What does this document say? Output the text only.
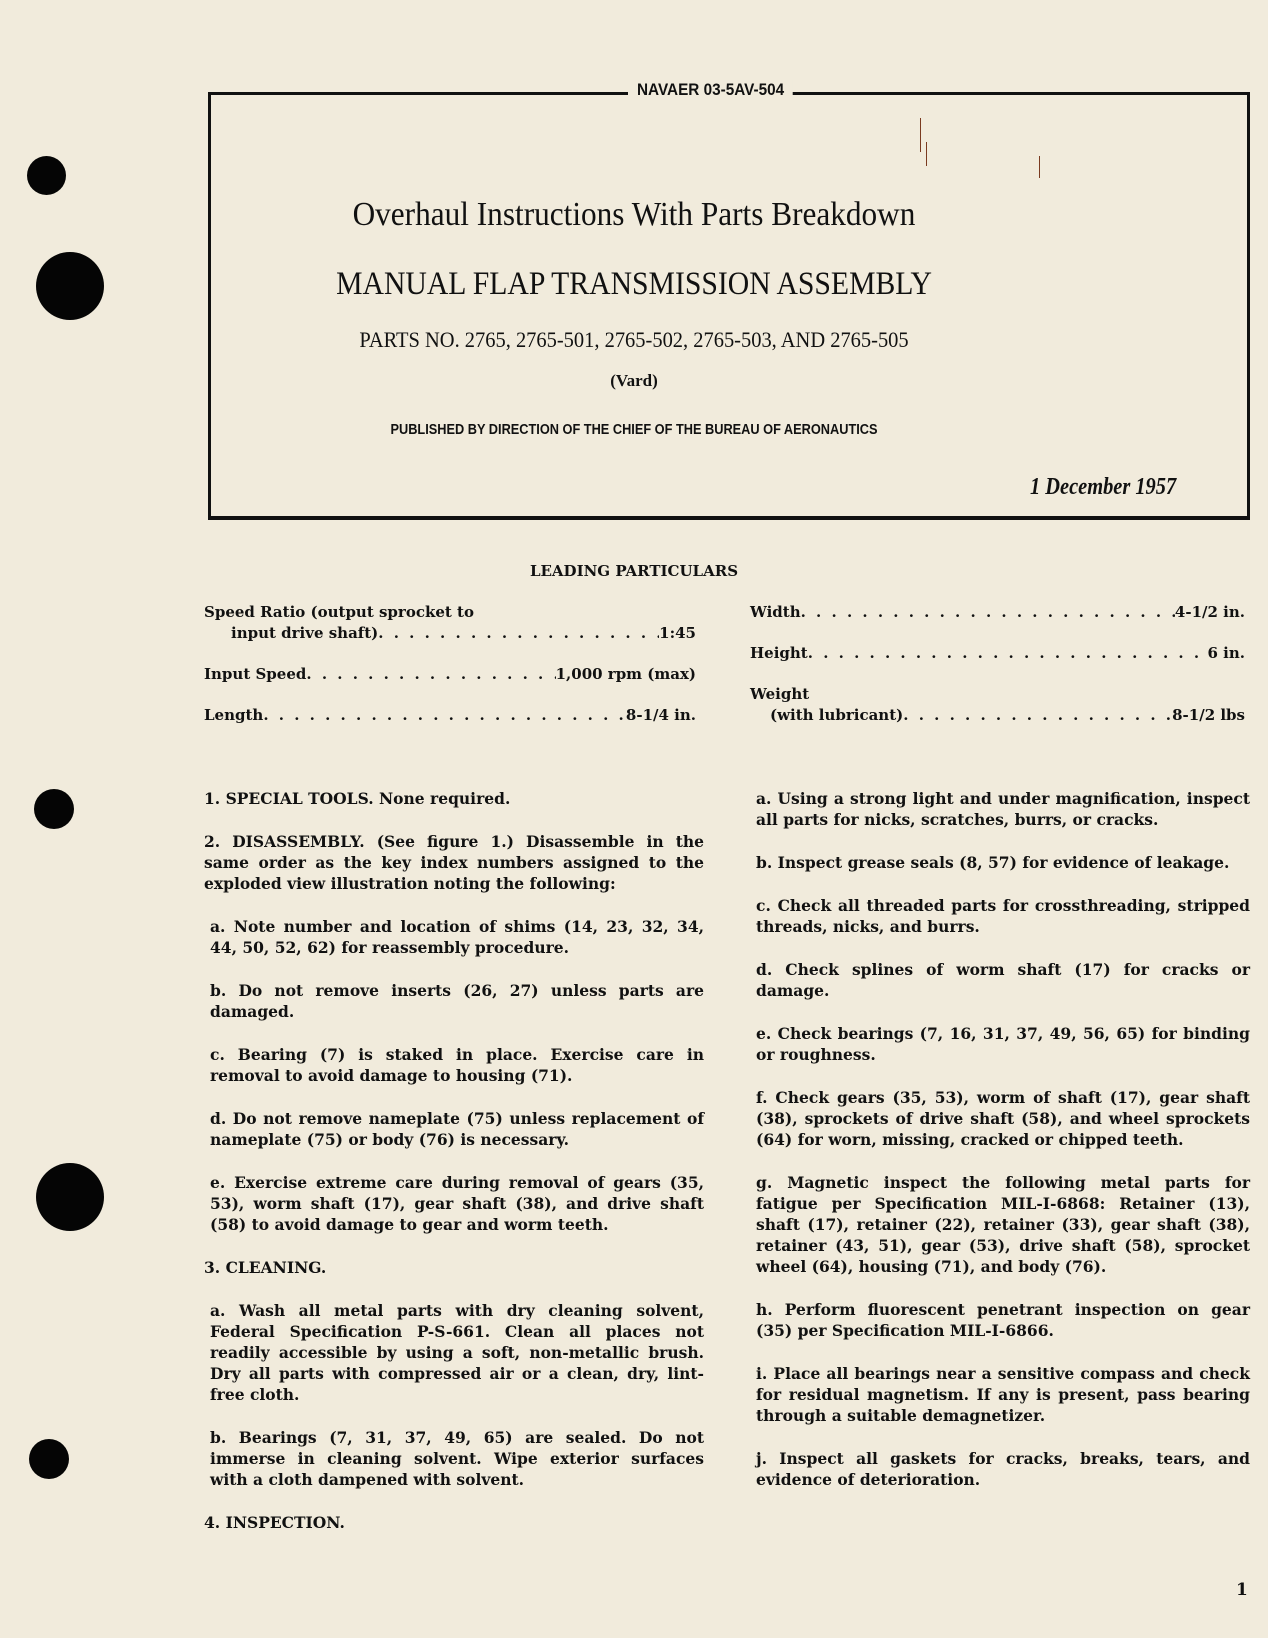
NAVAER 03-5AV-504
Overhaul Instructions With Parts Breakdown
MANUAL FLAP TRANSMISSION ASSEMBLY
PARTS NO. 2765, 2765-501, 2765-502, 2765-503, AND 2765-505
(Vard)
PUBLISHED BY DIRECTION OF THE CHIEF OF THE BUREAU OF AERONAUTICS
1 December 1957
LEADING PARTICULARS
Speed Ratio (output sprocket to
input drive shaft) . . .	1:45
Input Speed . . .	1,000 rpm (max)
Length . . .	8-1/4 in.
Width . . .	4-1/2 in.
Height . . .	6 in.
Weight
(with lubricant) . . .	8-1/2 lbs

1. SPECIAL TOOLS. None required.

2. DISASSEMBLY. (See figure 1.) Disassemble in the same order as the key index numbers assigned to the exploded view illustration noting the following:

a. Note number and location of shims (14, 23, 32, 34, 44, 50, 52, 62) for reassembly procedure.

b. Do not remove inserts (26, 27) unless parts are damaged.

c. Bearing (7) is staked in place. Exercise care in removal to avoid damage to housing (71).

d. Do not remove nameplate (75) unless replacement of nameplate (75) or body (76) is necessary.

e. Exercise extreme care during removal of gears (35, 53), worm shaft (17), gear shaft (38), and drive shaft (58) to avoid damage to gear and worm teeth.

3. CLEANING.

a. Wash all metal parts with dry cleaning solvent, Federal Specification P-S-661. Clean all places not readily accessible by using a soft, non-metallic brush. Dry all parts with compressed air or a clean, dry, lint-free cloth.

b. Bearings (7, 31, 37, 49, 65) are sealed. Do not immerse in cleaning solvent. Wipe exterior surfaces with a cloth dampened with solvent.

4. INSPECTION.

a. Using a strong light and under magnification, inspect all parts for nicks, scratches, burrs, or cracks.

b. Inspect grease seals (8, 57) for evidence of leakage.

c. Check all threaded parts for crossthreading, stripped threads, nicks, and burrs.

d. Check splines of worm shaft (17) for cracks or damage.

e. Check bearings (7, 16, 31, 37, 49, 56, 65) for binding or roughness.

f. Check gears (35, 53), worm of shaft (17), gear shaft (38), sprockets of drive shaft (58), and wheel sprockets (64) for worn, missing, cracked or chipped teeth.

g. Magnetic inspect the following metal parts for fatigue per Specification MIL-I-6868: Retainer (13), shaft (17), retainer (22), retainer (33), gear shaft (38), retainer (43, 51), gear (53), drive shaft (58), sprocket wheel (64), housing (71), and body (76).

h. Perform fluorescent penetrant inspection on gear (35) per Specification MIL-I-6866.

i. Place all bearings near a sensitive compass and check for residual magnetism. If any is present, pass bearing through a suitable demagnetizer.

j. Inspect all gaskets for cracks, breaks, tears, and evidence of deterioration.

1
